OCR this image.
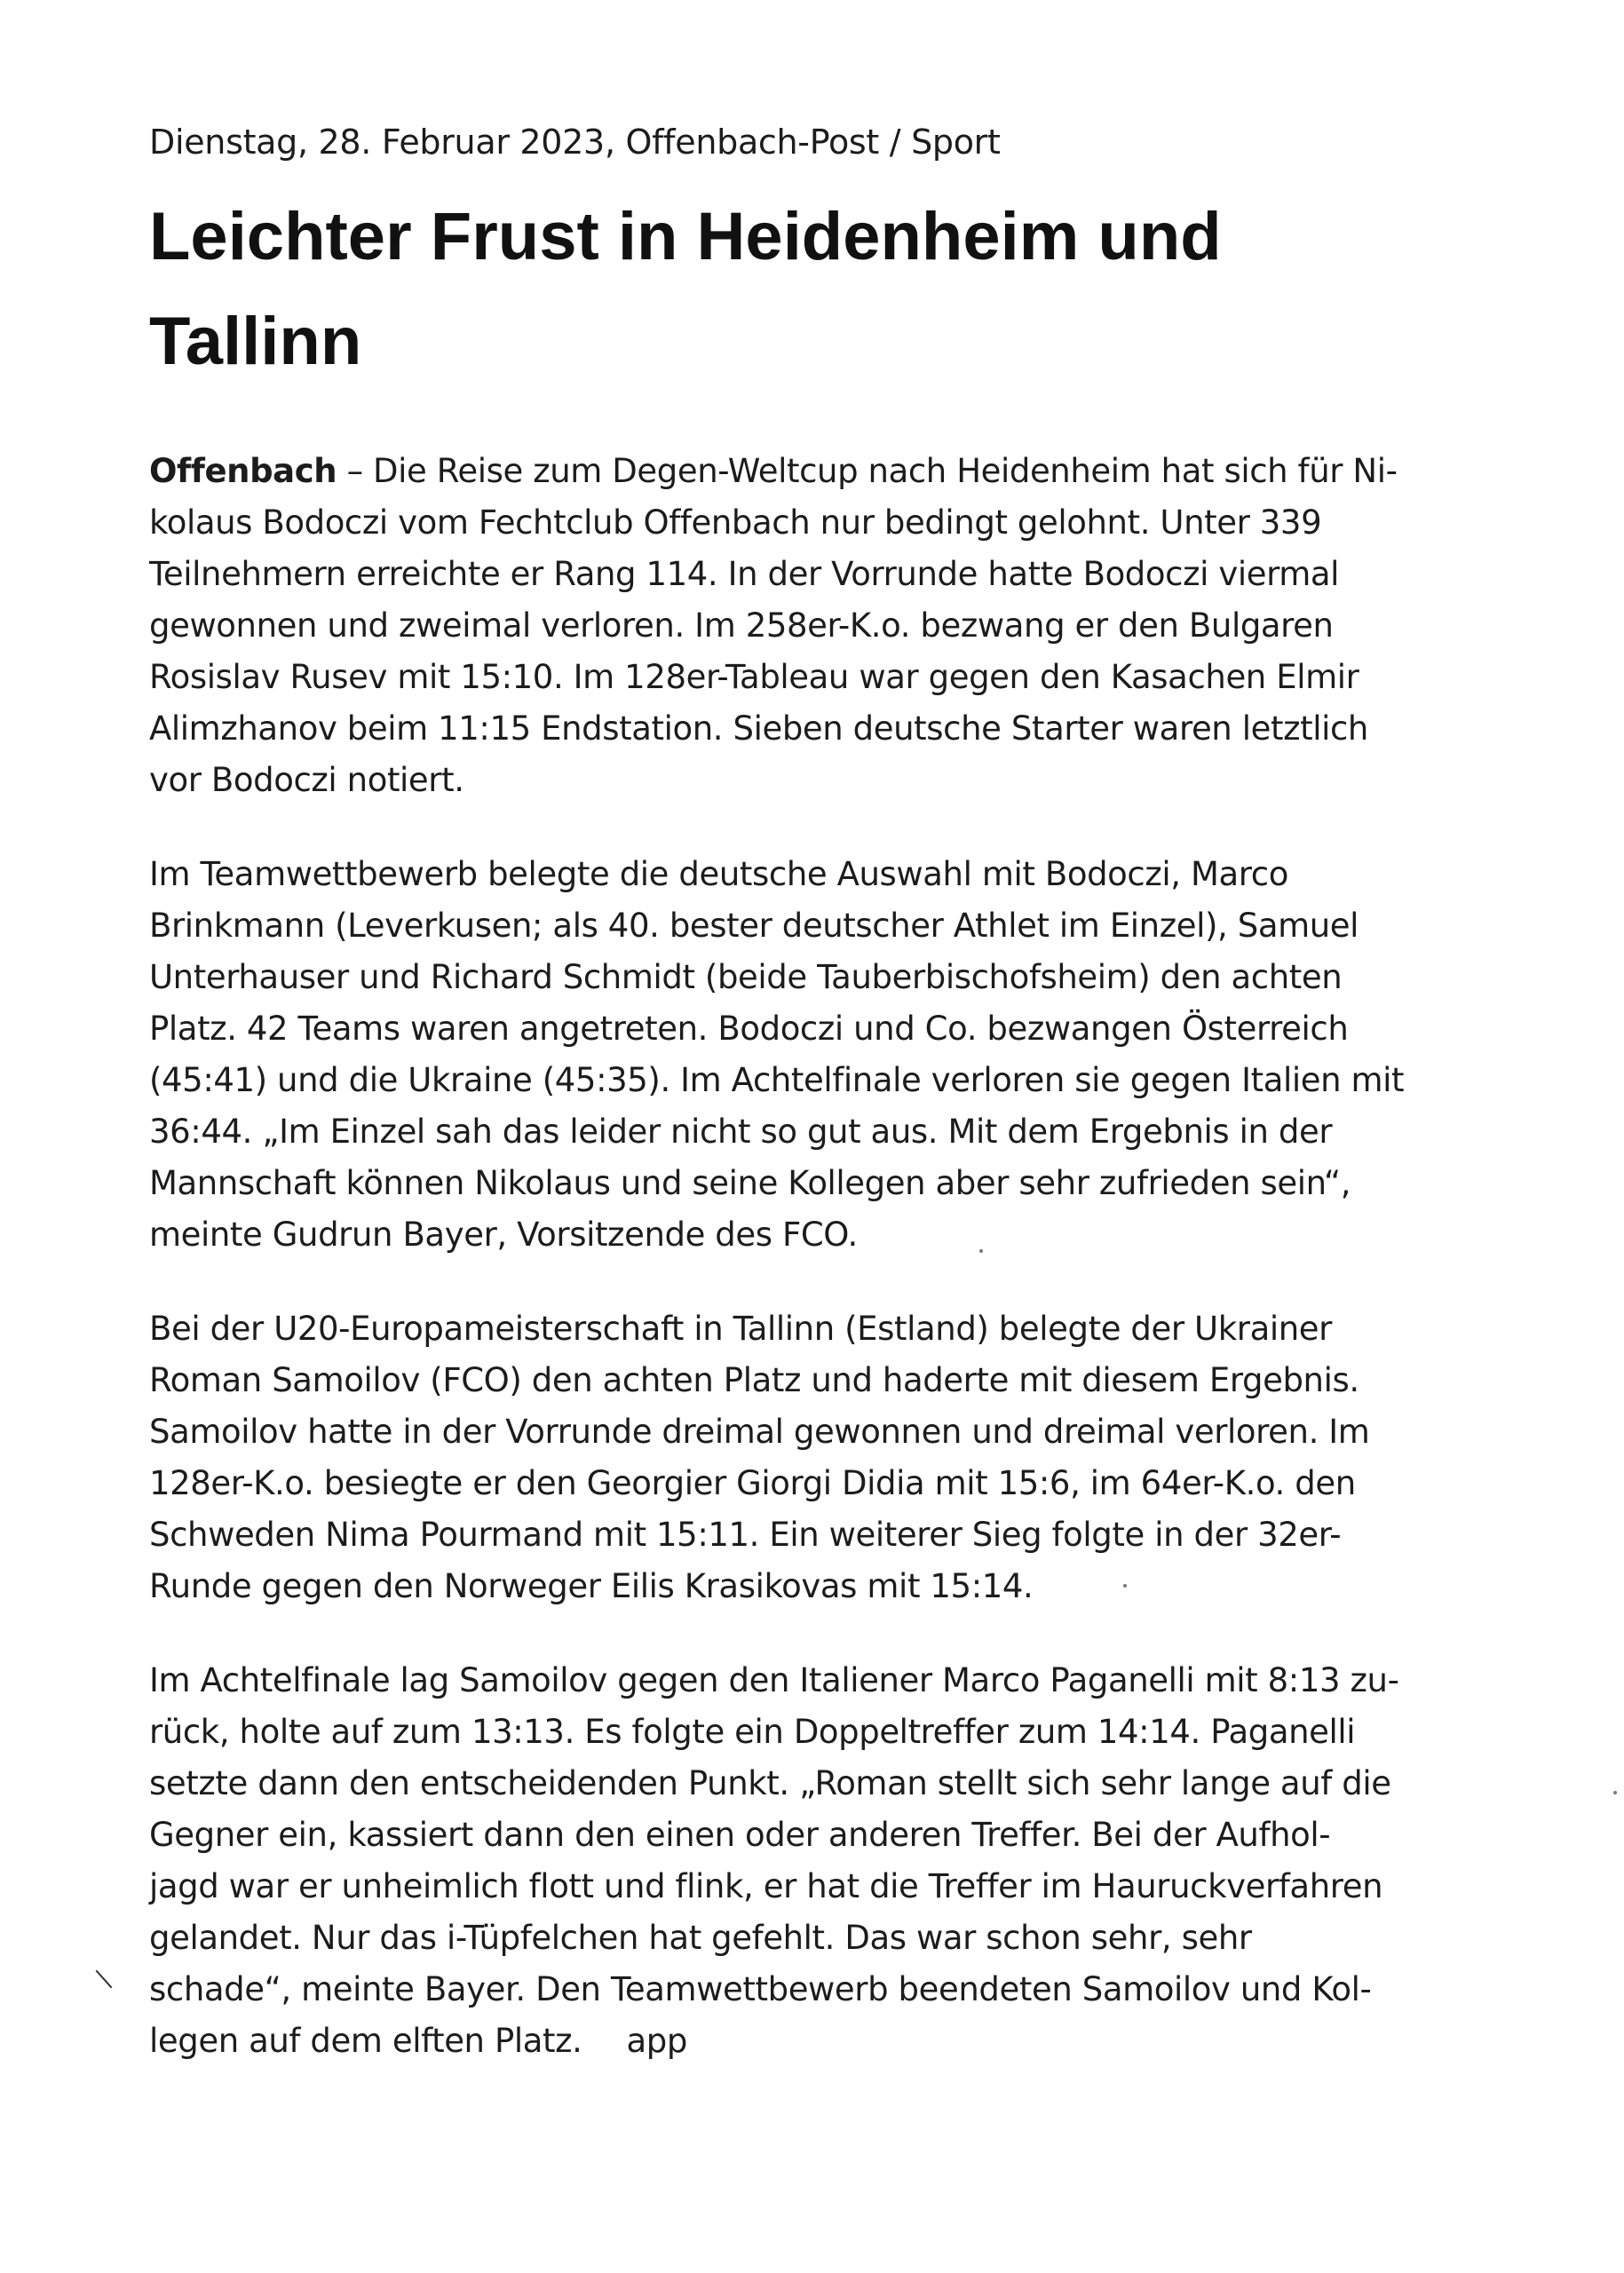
Dienstag, 28. Februar 2023, Offenbach-Post / Sport

Leichter Frust in Heidenheim und Tallinn

Offenbach – Die Reise zum Degen-Weltcup nach Heidenheim hat sich für Ni-
kolaus Bodoczi vom Fechtclub Offenbach nur bedingt gelohnt. Unter 339
Teilnehmern erreichte er Rang 114. In der Vorrunde hatte Bodoczi viermal
gewonnen und zweimal verloren. Im 258er-K.o. bezwang er den Bulgaren
Rosislav Rusev mit 15:10. Im 128er-Tableau war gegen den Kasachen Elmir
Alimzhanov beim 11:15 Endstation. Sieben deutsche Starter waren letztlich
vor Bodoczi notiert.

Im Teamwettbewerb belegte die deutsche Auswahl mit Bodoczi, Marco
Brinkmann (Leverkusen; als 40. bester deutscher Athlet im Einzel), Samuel
Unterhauser und Richard Schmidt (beide Tauberbischofsheim) den achten
Platz. 42 Teams waren angetreten. Bodoczi und Co. bezwangen Österreich
(45:41) und die Ukraine (45:35). Im Achtelfinale verloren sie gegen Italien mit
36:44. „Im Einzel sah das leider nicht so gut aus. Mit dem Ergebnis in der
Mannschaft können Nikolaus und seine Kollegen aber sehr zufrieden sein“,
meinte Gudrun Bayer, Vorsitzende des FCO.

Bei der U20-Europameisterschaft in Tallinn (Estland) belegte der Ukrainer
Roman Samoilov (FCO) den achten Platz und haderte mit diesem Ergebnis.
Samoilov hatte in der Vorrunde dreimal gewonnen und dreimal verloren. Im
128er-K.o. besiegte er den Georgier Giorgi Didia mit 15:6, im 64er-K.o. den
Schweden Nima Pourmand mit 15:11. Ein weiterer Sieg folgte in der 32er-
Runde gegen den Norweger Eilis Krasikovas mit 15:14.

Im Achtelfinale lag Samoilov gegen den Italiener Marco Paganelli mit 8:13 zu-
rück, holte auf zum 13:13. Es folgte ein Doppeltreffer zum 14:14. Paganelli
setzte dann den entscheidenden Punkt. „Roman stellt sich sehr lange auf die
Gegner ein, kassiert dann den einen oder anderen Treffer. Bei der Aufhol-
jagd war er unheimlich flott und flink, er hat die Treffer im Hauruckverfahren
gelandet. Nur das i-Tüpfelchen hat gefehlt. Das war schon sehr, sehr
schade“, meinte Bayer. Den Teamwettbewerb beendeten Samoilov und Kol-
legen auf dem elften Platz. app
